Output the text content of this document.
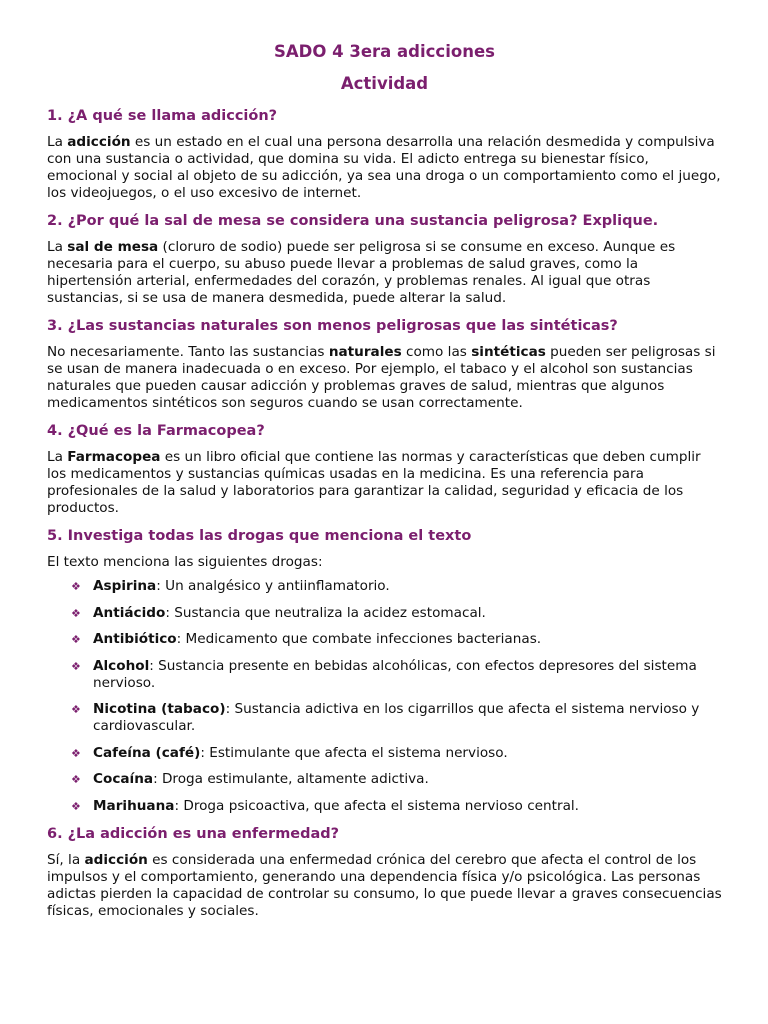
SADO 4 3era adicciones
Actividad
1. ¿A qué se llama adicción?

La adicción es un estado en el cual una persona desarrolla una relación desmedida y compulsiva con una sustancia o actividad, que domina su vida. El adicto entrega su bienestar físico, emocional y social al objeto de su adicción, ya sea una droga o un comportamiento como el juego, los videojuegos, o el uso excesivo de internet.

2. ¿Por qué la sal de mesa se considera una sustancia peligrosa? Explique.

La sal de mesa (cloruro de sodio) puede ser peligrosa si se consume en exceso. Aunque es necesaria para el cuerpo, su abuso puede llevar a problemas de salud graves, como la hipertensión arterial, enfermedades del corazón, y problemas renales. Al igual que otras sustancias, si se usa de manera desmedida, puede alterar la salud.

3. ¿Las sustancias naturales son menos peligrosas que las sintéticas?

No necesariamente. Tanto las sustancias naturales como las sintéticas pueden ser peligrosas si se usan de manera inadecuada o en exceso. Por ejemplo, el tabaco y el alcohol son sustancias naturales que pueden causar adicción y problemas graves de salud, mientras que algunos medicamentos sintéticos son seguros cuando se usan correctamente.

4. ¿Qué es la Farmacopea?

La Farmacopea es un libro oficial que contiene las normas y características que deben cumplir los medicamentos y sustancias químicas usadas en la medicina. Es una referencia para profesionales de la salud y laboratorios para garantizar la calidad, seguridad y eficacia de los productos.

5. Investiga todas las drogas que menciona el texto

El texto menciona las siguientes drogas:

❖ Aspirina: Un analgésico y antiinflamatorio.
❖ Antiácido: Sustancia que neutraliza la acidez estomacal.
❖ Antibiótico: Medicamento que combate infecciones bacterianas.
❖ Alcohol: Sustancia presente en bebidas alcohólicas, con efectos depresores del sistema nervioso.
❖ Nicotina (tabaco): Sustancia adictiva en los cigarrillos que afecta el sistema nervioso y cardiovascular.
❖ Cafeína (café): Estimulante que afecta el sistema nervioso.
❖ Cocaína: Droga estimulante, altamente adictiva.
❖ Marihuana: Droga psicoactiva, que afecta el sistema nervioso central.
6. ¿La adicción es una enfermedad?

Sí, la adicción es considerada una enfermedad crónica del cerebro que afecta el control de los impulsos y el comportamiento, generando una dependencia física y/o psicológica. Las personas adictas pierden la capacidad de controlar su consumo, lo que puede llevar a graves consecuencias físicas, emocionales y sociales.
